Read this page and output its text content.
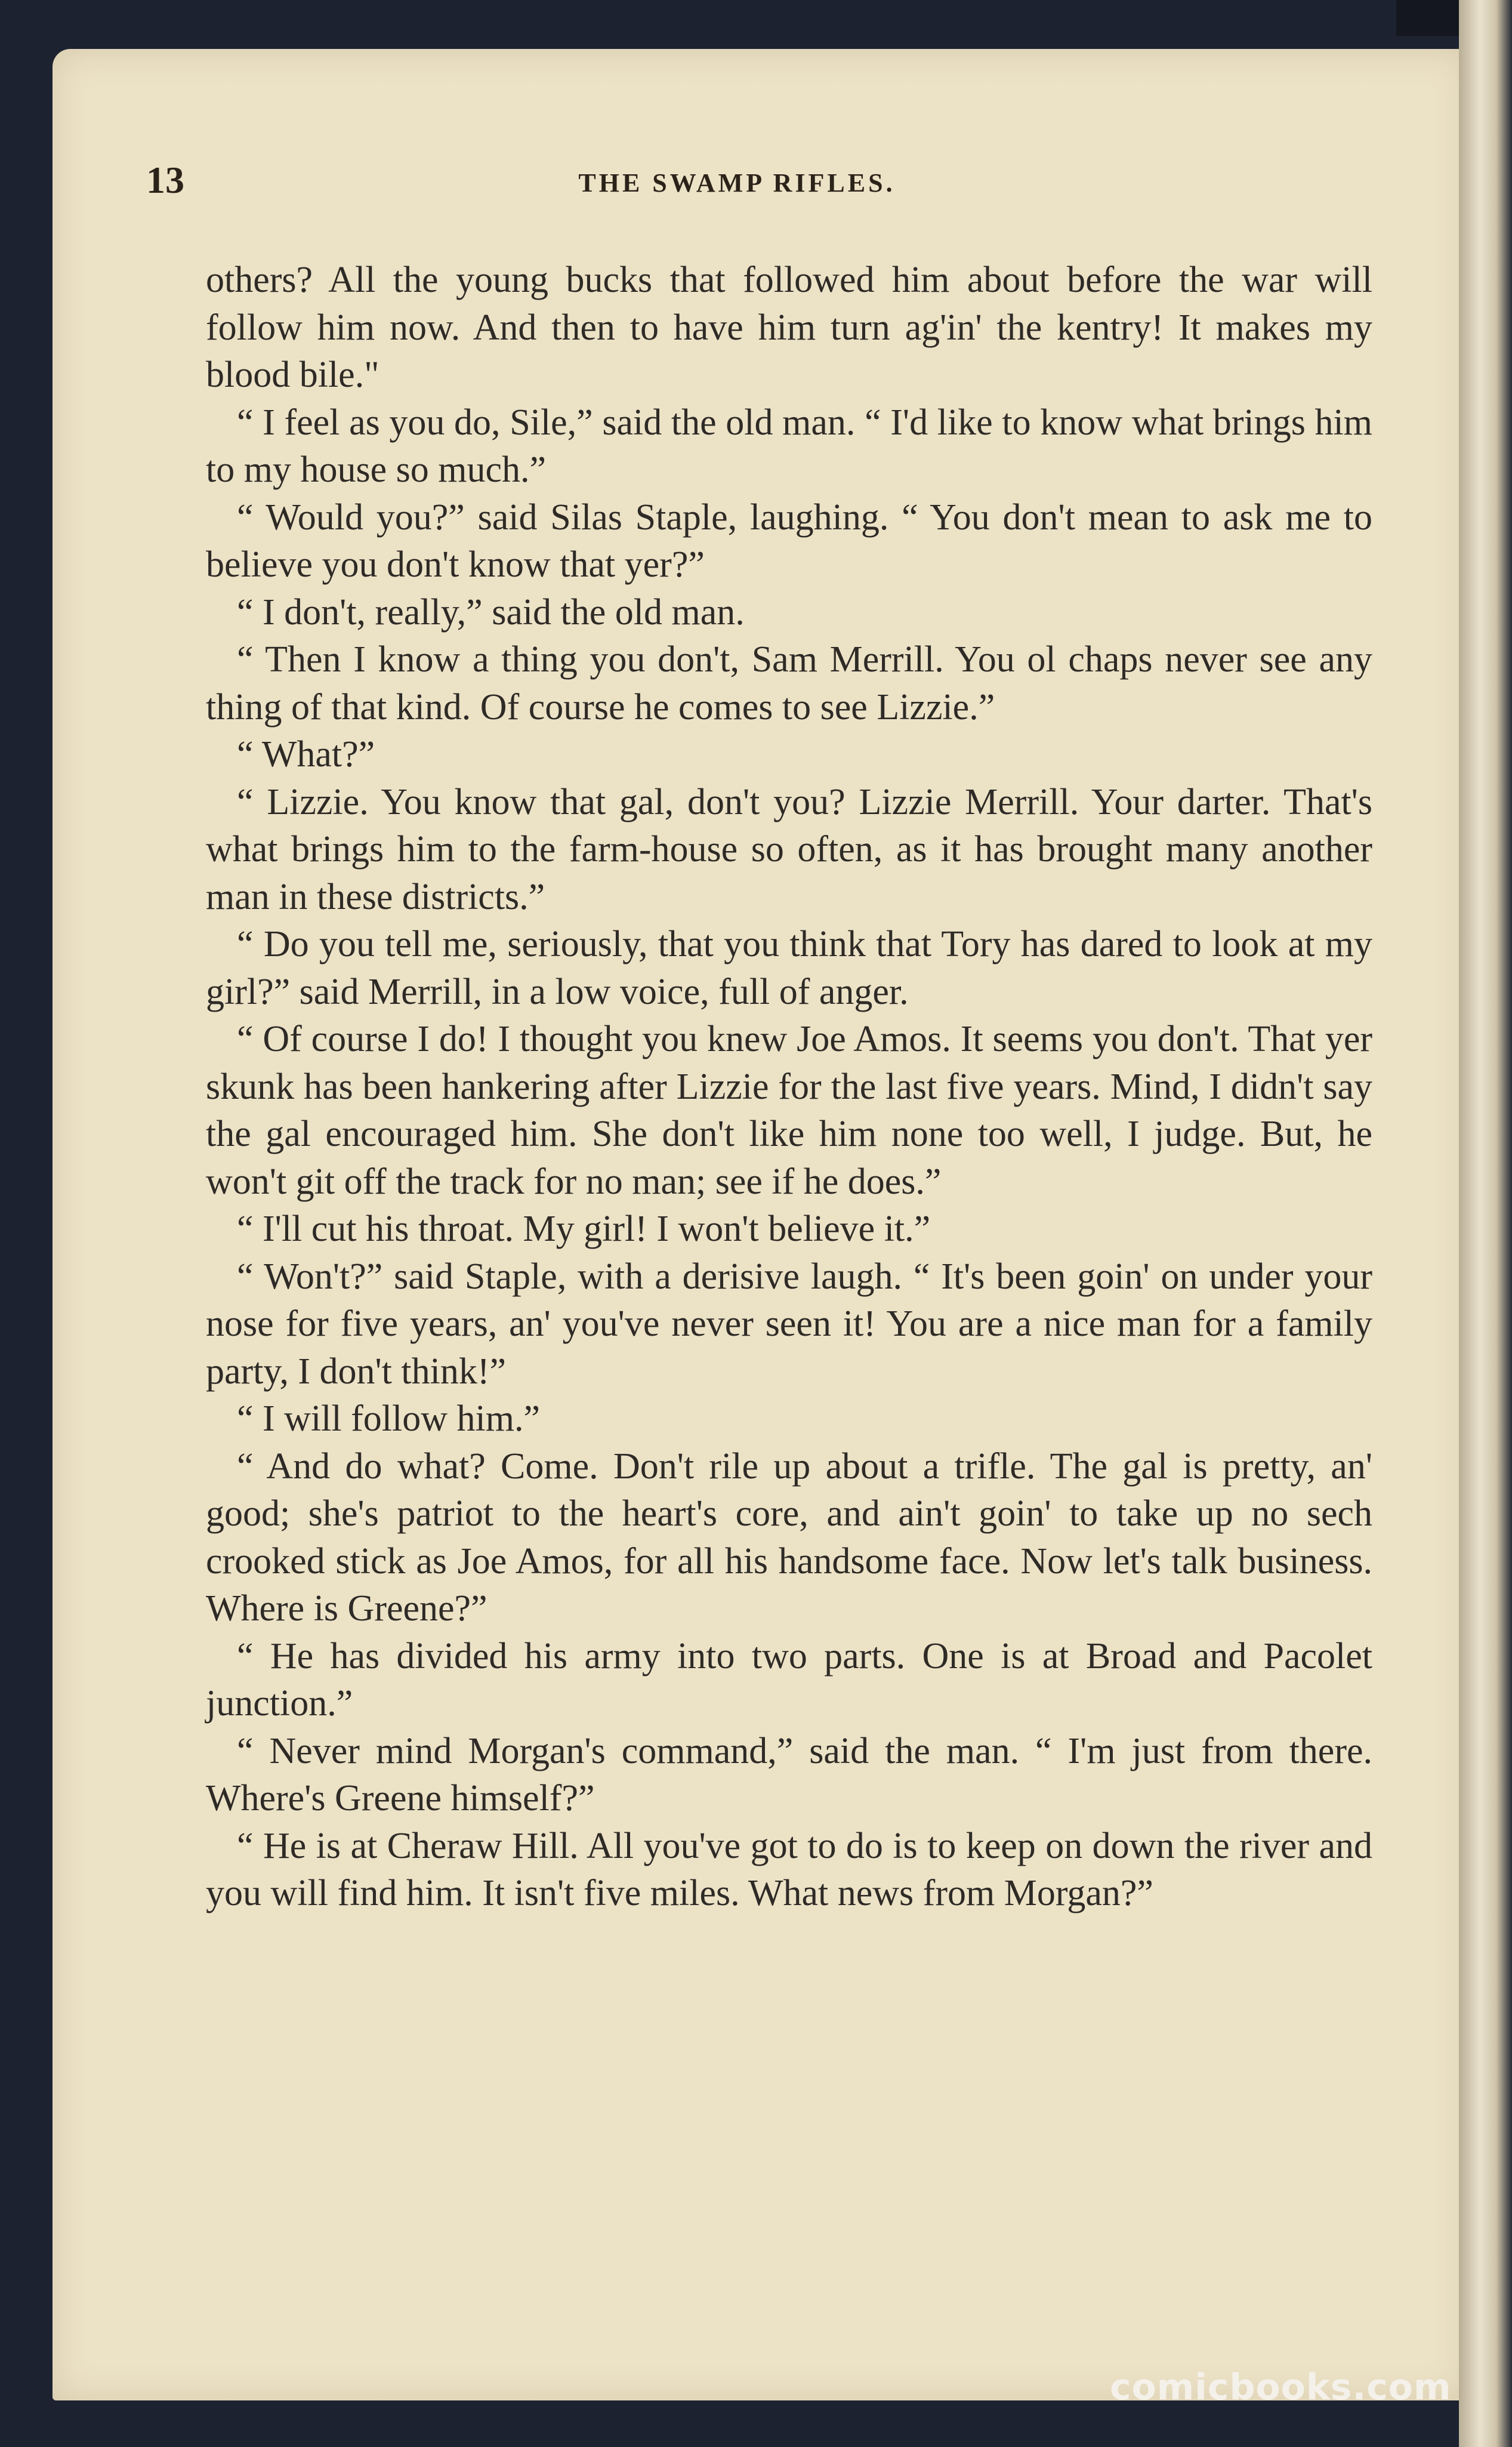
13	THE SWAMP RIFLES.

others? All the young bucks that followed him about before the war will follow him now. And then to have him turn ag'in' the kentry! It makes my blood bile."

“ I feel as you do, Sile,” said the old man. “ I'd like to know what brings him to my house so much.”

“ Would you?” said Silas Staple, laughing. “ You don't mean to ask me to believe you don't know that yer?”

“ I don't, really,” said the old man.

“ Then I know a thing you don't, Sam Merrill. You ol chaps never see any thing of that kind. Of course he comes to see Lizzie.”

“ What?”

“ Lizzie. You know that gal, don't you? Lizzie Merrill. Your darter. That's what brings him to the farm-house so often, as it has brought many another man in these districts.”

“ Do you tell me, seriously, that you think that Tory has dared to look at my girl?” said Merrill, in a low voice, full of anger.

“ Of course I do! I thought you knew Joe Amos. It seems you don't. That yer skunk has been hankering after Lizzie for the last five years. Mind, I didn't say the gal encouraged him. She don't like him none too well, I judge. But, he won't git off the track for no man; see if he does.”

“ I'll cut his throat. My girl! I won't believe it.”

“ Won't?” said Staple, with a derisive laugh. “ It's been goin' on under your nose for five years, an' you've never seen it! You are a nice man for a family party, I don't think!”

“ I will follow him.”

“ And do what? Come. Don't rile up about a trifle. The gal is pretty, an' good; she's patriot to the heart's core, and ain't goin' to take up no sech crooked stick as Joe Amos, for all his handsome face. Now let's talk business. Where is Greene?”

“ He has divided his army into two parts. One is at Broad and Pacolet junction.”

“ Never mind Morgan's command,” said the man. “ I'm just from there. Where's Greene himself?”

“ He is at Cheraw Hill. All you've got to do is to keep on down the river and you will find him. It isn't five miles. What news from Morgan?”

comicbooks.com
